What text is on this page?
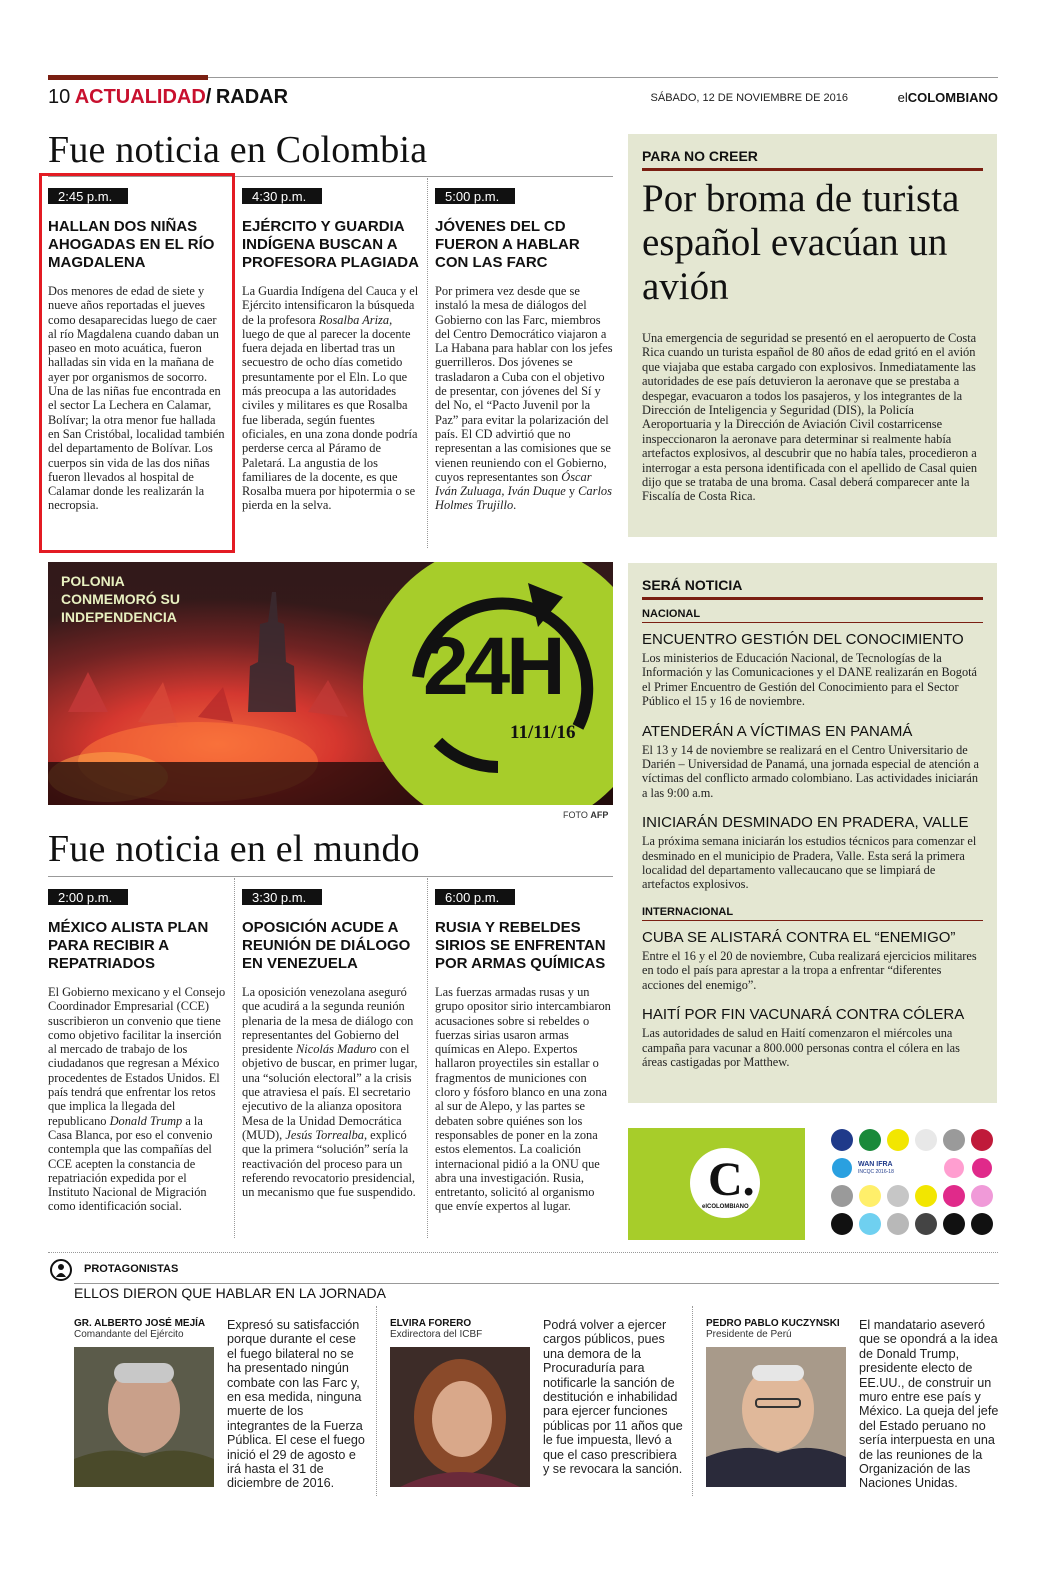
10 ACTUALIDAD/ RADAR	SÁBADO, 12 DE NOVIEMBRE DE 2016	elCOLOMBIANO
Fue noticia en Colombia
2:45 p.m.
HALLAN DOS NIÑAS AHOGADAS EN EL RÍO MAGDALENA
Dos menores de edad de siete y nueve años reportadas el jueves como desaparecidas luego de caer al río Magdalena cuando daban un paseo en moto acuática, fueron halladas sin vida en la mañana de ayer por organismos de socorro. Una de las niñas fue encontrada en el sector La Lechera en Calamar, Bolívar; la otra menor fue hallada en San Cristóbal, localidad también del departamento de Bolívar. Los cuerpos sin vida de las dos niñas fueron llevados al hospital de Calamar donde les realizarán la necropsia.
4:30 p.m.
EJÉRCITO Y GUARDIA INDÍGENA BUSCAN A PROFESORA PLAGIADA
La Guardia Indígena del Cauca y el Ejército intensificaron la búsqueda de la profesora Rosalba Ariza, luego de que al parecer la docente fuera dejada en libertad tras un secuestro de ocho días cometido presuntamente por el Eln. Lo que más preocupa a las autoridades civiles y militares es que Rosalba fue liberada, según fuentes oficiales, en una zona donde podría perderse cerca al Páramo de Paletará. La angustia de los familiares de la docente, es que Rosalba muera por hipotermia o se pierda en la selva.
5:00 p.m.
JÓVENES DEL CD FUERON A HABLAR CON LAS FARC
Por primera vez desde que se instaló la mesa de diálogos del Gobierno con las Farc, miembros del Centro Democrático viajaron a La Habana para hablar con los jefes guerrilleros. Dos jóvenes se trasladaron a Cuba con el objetivo de presentar, con jóvenes del Sí y del No, el “Pacto Juvenil por la Paz” para evitar la polarización del país. El CD advirtió que no representan a las comisiones que se vienen reuniendo con el Gobierno, cuyos representantes son Óscar Iván Zuluaga, Iván Duque y Carlos Holmes Trujillo.
PARA NO CREER
Por broma de turista español evacúan un avión
Una emergencia de seguridad se presentó en el aeropuerto de Costa Rica cuando un turista español de 80 años de edad gritó en el avión que viajaba que estaba cargado con explosivos. Inmediatamente las autoridades de ese país detuvieron la aeronave que se prestaba a despegar, evacuaron a todos los pasajeros, y los integrantes de la Dirección de Inteligencia y Seguridad (DIS), la Policía Aeroportuaria y la Dirección de Aviación Civil costarricense inspeccionaron la aeronave para determinar si realmente había artefactos explosivos, al descubrir que no había tales, procedieron a interrogar a esta persona identificada con el apellido de Casal quien dijo que se trataba de una broma. Casal deberá comparecer ante la Fiscalía de Costa Rica.
POLONIA CONMEMORÓ SU INDEPENDENCIA
24H
11/11/16
FOTO AFP
SERÁ NOTICIA
NACIONAL
ENCUENTRO GESTIÓN DEL CONOCIMIENTO
Los ministerios de Educación Nacional, de Tecnologías de la Información y las Comunicaciones y el DANE realizarán en Bogotá el Primer Encuentro de Gestión del Conocimiento para el Sector Público el 15 y 16 de noviembre.
ATENDERÁN A VÍCTIMAS EN PANAMÁ
El 13 y 14 de noviembre se realizará en el Centro Universitario de Darién – Universidad de Panamá, una jornada especial de atención a víctimas del conflicto armado colombiano. Las actividades iniciarán a las 9:00 a.m.
INICIARÁN DESMINADO EN PRADERA, VALLE
La próxima semana iniciarán los estudios técnicos para comenzar el desminado en el municipio de Pradera, Valle. Esta será la primera localidad del departamento vallecaucano que se limpiará de artefactos explosivos.
INTERNACIONAL
CUBA SE ALISTARÁ CONTRA EL “ENEMIGO”
Entre el 16 y el 20 de noviembre, Cuba realizará ejercicios militares en todo el país para aprestar a la tropa a enfrentar “diferentes acciones del enemigo”.
HAITÍ POR FIN VACUNARÁ CONTRA CÓLERA
Las autoridades de salud en Haití comenzaron el miércoles una campaña para vacunar a 800.000 personas contra el cólera en las áreas castigadas por Matthew.
C.
elCOLOMBIANO
WAN IFRA
INCQC 2016-18
Fue noticia en el mundo
2:00 p.m.
MÉXICO ALISTA PLAN PARA RECIBIR A REPATRIADOS
El Gobierno mexicano y el Consejo Coordinador Empresarial (CCE) suscribieron un convenio que tiene como objetivo facilitar la inserción al mercado de trabajo de los ciudadanos que regresan a México procedentes de Estados Unidos. El país tendrá que enfrentar los retos que implica la llegada del republicano Donald Trump a la Casa Blanca, por eso el convenio contempla que las compañías del CCE acepten la constancia de repatriación expedida por el Instituto Nacional de Migración como identificación social.
3:30 p.m.
OPOSICIÓN ACUDE A REUNIÓN DE DIÁLOGO EN VENEZUELA
La oposición venezolana aseguró que acudirá a la segunda reunión plenaria de la mesa de diálogo con representantes del Gobierno del presidente Nicolás Maduro con el objetivo de buscar, en primer lugar, una “solución electoral” a la crisis que atraviesa el país. El secretario ejecutivo de la alianza opositora Mesa de la Unidad Democrática (MUD), Jesús Torrealba, explicó que la primera “solución” sería la reactivación del proceso para un referendo revocatorio presidencial, un mecanismo que fue suspendido.
6:00 p.m.
RUSIA Y REBELDES SIRIOS SE ENFRENTAN POR ARMAS QUÍMICAS
Las fuerzas armadas rusas y un grupo opositor sirio intercambiaron acusaciones sobre si rebeldes o fuerzas sirias usaron armas químicas en Alepo. Expertos hallaron proyectiles sin estallar o fragmentos de municiones con cloro y fósforo blanco en una zona al sur de Alepo, y las partes se debaten sobre quiénes son los responsables de poner en la zona estos elementos. La coalición internacional pidió a la ONU que abra una investigación. Rusia, entretanto, solicitó al organismo que envíe expertos al lugar.
PROTAGONISTAS
ELLOS DIERON QUE HABLAR EN LA JORNADA
GR. ALBERTO JOSÉ MEJÍA
Comandante del Ejército
Expresó su satisfacción porque durante el cese el fuego bilateral no se ha presentado ningún combate con las Farc y, en esa medida, ninguna muerte de los integrantes de la Fuerza Pública. El cese el fuego inició el 29 de agosto e irá hasta el 31 de diciembre de 2016.
ELVIRA FORERO
Exdirectora del ICBF
Podrá volver a ejercer cargos públicos, pues una demora de la Procuraduría para notificarle la sanción de destitución e inhabilidad para ejercer funciones públicas por 11 años que le fue impuesta, llevó a que el caso prescribiera y se revocara la sanción.
PEDRO PABLO KUCZYNSKI
Presidente de Perú
El mandatario aseveró que se opondrá a la idea de Donald Trump, presidente electo de EE.UU., de construir un muro entre ese país y México. La queja del jefe del Estado peruano no sería interpuesta en una de las reuniones de la Organización de las Naciones Unidas.
